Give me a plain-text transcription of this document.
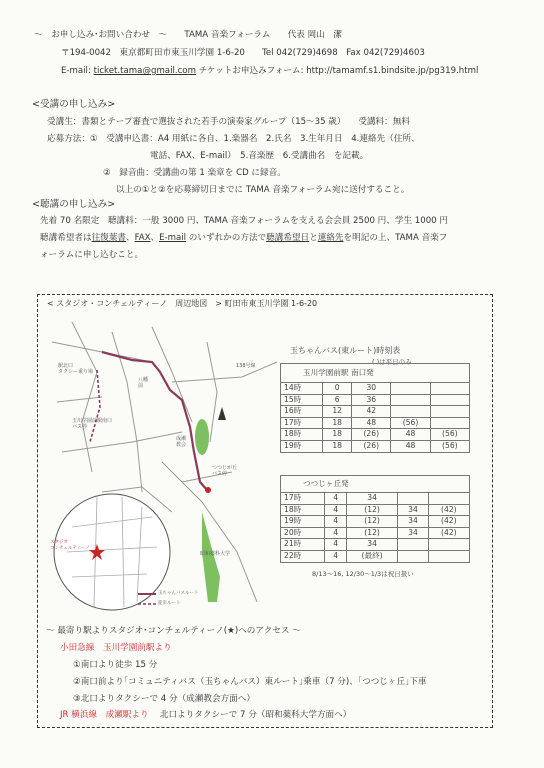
～　お申し込み･お問い合わせ　～　　TAMA 音楽フォーラム　　代表 岡山　潔
〒194-0042　東京都町田市東玉川学園 1-6-20　　Tel 042(729)4698　Fax 042(729)4603
E-mail: ticket.tama@gmail.com チケットお申込みフォーム: http://tamamf.s1.bindsite.jp/pg319.html
<受講の申し込み>
受講生：書類とテープ審査で選抜された若手の演奏家グループ（15～35 歳）　　受講料：無料
応募方法：①　受講申込書：A4 用紙に各自、1.楽器名　2.氏名　3.生年月日　4.連絡先（住所、
電話、FAX、E-mail）　5.音楽歴　6.受講曲名　を記載。
②　録音曲：受講曲の第 1 楽章を CD に録音。
以上の①と②を応募締切日までに TAMA 音楽フォーラム宛に送付すること。
<聴講の申し込み>
先着 70 名限定　聴講料：一般 3000 円、TAMA 音楽フォーラムを支える会会員 2500 円、学生 1000 円
聴講希望者は往復葉書、FAX、E-mail のいずれかの方法で聴講希望日と連絡先を明記の上、TAMA 音楽フ
ォーラムに申し込むこと。
< スタジオ・コンチェルティーノ　周辺地図　> 町田市東玉川学園 1-6-20
駅北口
タクシー乗り場
八幡
前
玉川学園前駅南口
バス停
成瀬
教会
つつじが丘
バス停
138号線
昭和薬科大学
スタジオ
コンチェルティーノ
玉ちゃんバスルート
徒歩ルート
玉ちゃんバス(東ルート)時刻表
( )は平日のみ
玉川学園前駅 南口発				
14時	0	30		
15時	6	36		
16時	12	42		
17時	18	48	(56)	
18時	18	(26)	48	(56)
19時	18	(26)	48	(56)
つつじヶ丘発				
17時	4	34		
18時	4	(12)	34	(42)
19時	4	(12)	34	(42)
20時	4	(12)	34	(42)
21時	4	34		
22時	4	(最終)		
8/13～16, 12/30～1/3は祝日扱い
～ 最寄り駅よりスタジオ･コンチェルティーノ(★)へのアクセス ～
小田急線　玉川学園前駅より
①南口より徒歩 15 分
②南口前より｢コミュニティバス（玉ちゃんバス）東ルート｣乗車（7 分)、｢つつじヶ丘｣下車
③北口よりタクシーで 4 分（成瀬教会方面へ）
JR 横浜線　成瀬駅より　 北口よりタクシーで 7 分（昭和薬科大学方面へ）
